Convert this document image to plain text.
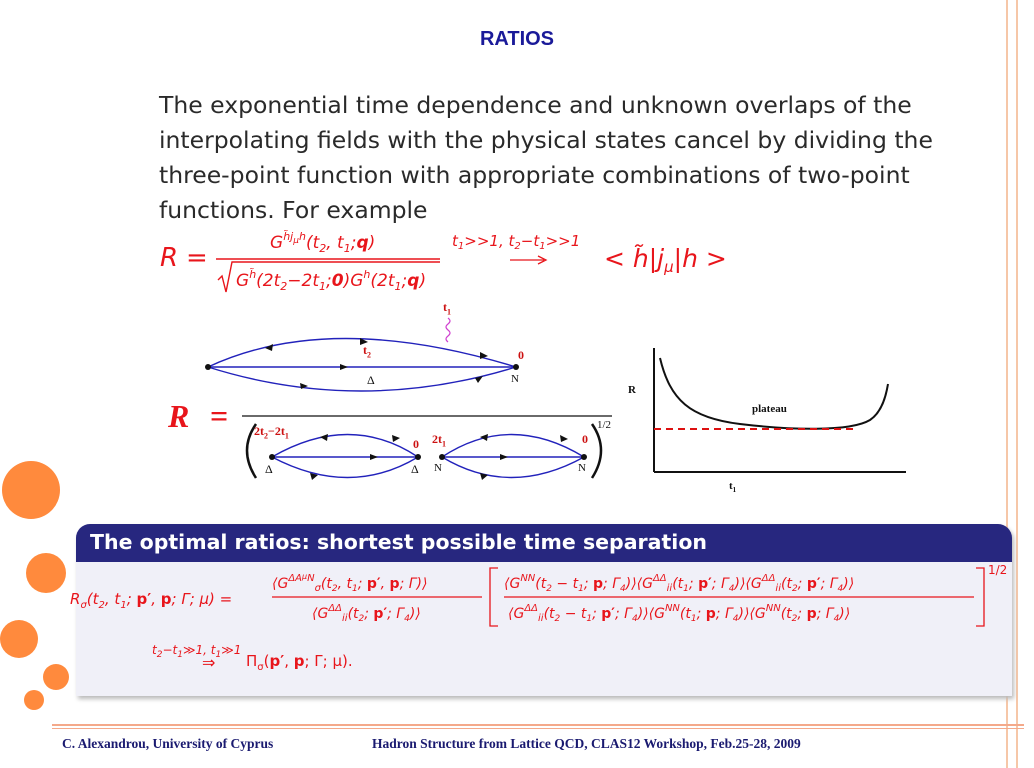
RATIOS
The exponential time dependence and unknown overlaps of the
interpolating fields with the physical states cancel by dividing the
three-point function with appropriate combinations of two-point
functions. For example
R =	$G^{h̃j}\mu h(t_2$, $t_1;q$)
$G^{h̃}(2t_2-2t_1;0)G^h(2t_1;q)$
$t_1>>1$, $t_2-t_1>>1$
< $h̃|j_\mu|h$ >
$t_1$
$t_2$	0
Δ	N
$R = 2t_2-2t_1$
0 $2t_1$	0
1/2
Δ	Δ N	N
R
plateau
$t_1$
The optimal ratios: shortest possible time separation
$R_\sigma(t_2$, $t_1$; p′, p; Γ; μ) =
$⟨G^{\Delta A}\mu N_\sigma(t_2$, $t_1$; p′, p; Γ)⟩
$⟨G^{\Delta\Delta}_{ii}(t_2$; p′; $\Gamma_4)⟩$
$⟨G^{NN}(t_2 - t_1$; p; $\Gamma_4)⟩⟨G^{\Delta\Delta}_{ii}(t_1$; p′; $\Gamma_4)⟩⟨G^{\Delta\Delta}_{ii}(t_2$; p′; $\Gamma_4)⟩$
$⟨G^{\Delta\Delta}_{ii}(t_2 - t_1$; p′; $\Gamma_4)⟩⟨G^{NN}(t_1$; p; $\Gamma_4)⟩⟨G^{NN}(t_2$; p; $\Gamma_4)⟩$
1/2
$t_2-t_1≫1$, $t_1≫1$
⇒ $\Pi_\sigma(p'$, p; Γ; μ).
C. Alexandrou, University of Cyprus	Hadron Structure from Lattice QCD, CLAS12 Workshop, Feb.25-28, 2009
